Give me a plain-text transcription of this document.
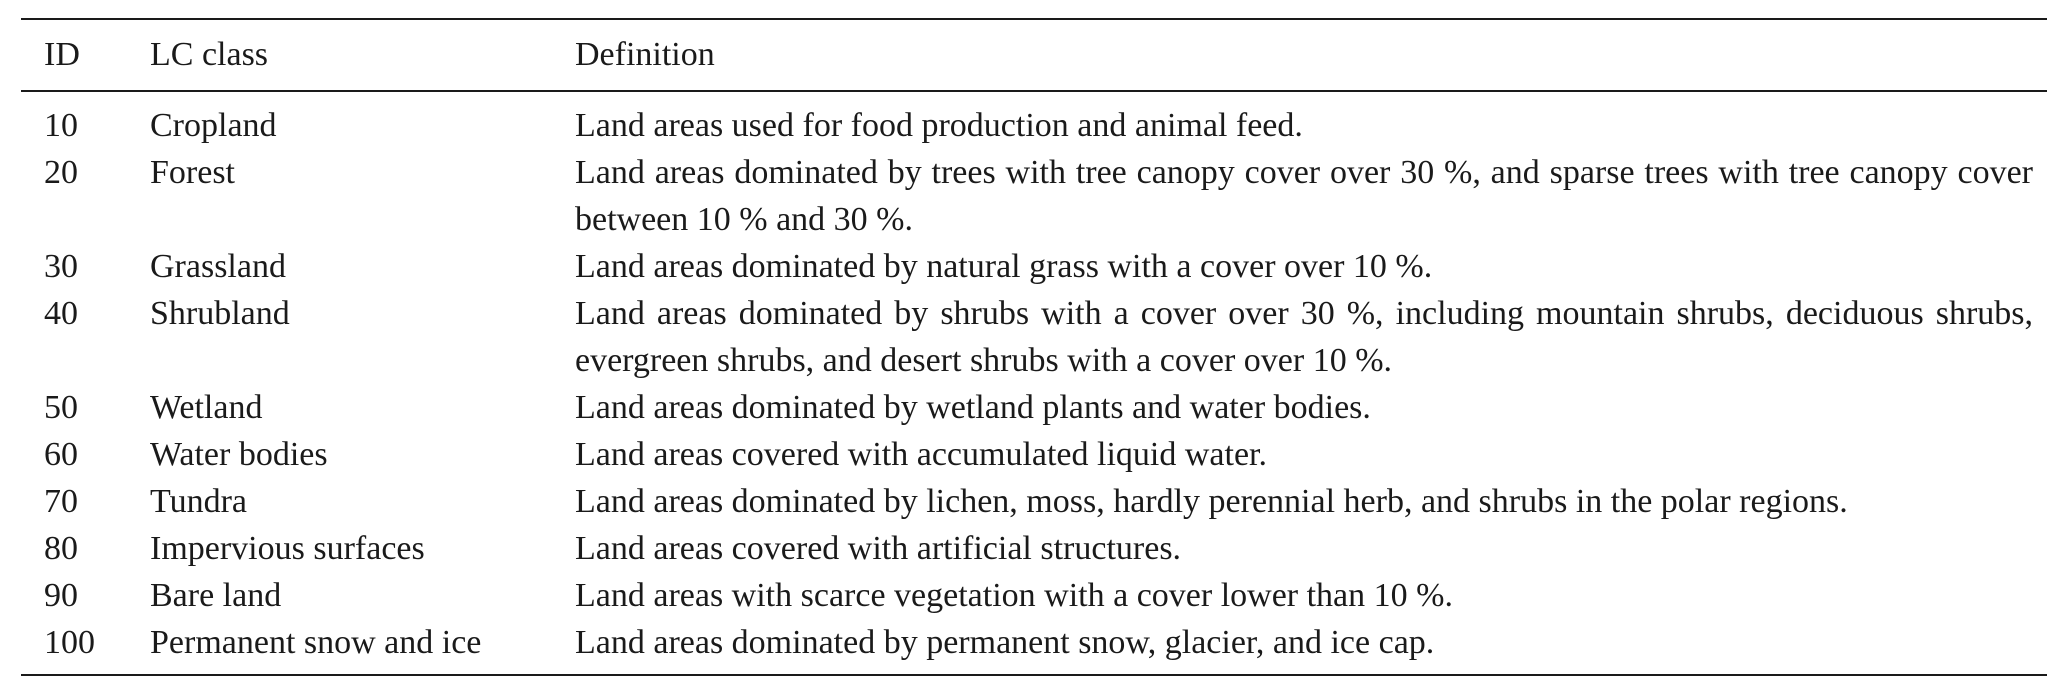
ID	LC class	Definition
10	Cropland	Land areas used for food production and animal feed.

20	Forest	Land areas dominated by trees with tree canopy cover over 30 %, and sparse trees with tree canopy cover between 10 % and 30 %.

30	Grassland	Land areas dominated by natural grass with a cover over 10 %.

40	Shrubland	Land areas dominated by shrubs with a cover over 30 %, including mountain shrubs, deciduous shrubs, evergreen shrubs, and desert shrubs with a cover over 10 %.

50	Wetland	Land areas dominated by wetland plants and water bodies.

60	Water bodies	Land areas covered with accumulated liquid water.

70	Tundra	Land areas dominated by lichen, moss, hardly perennial herb, and shrubs in the polar regions.

80	Impervious surfaces	Land areas covered with artificial structures.

90	Bare land	Land areas with scarce vegetation with a cover lower than 10 %.

100	Permanent snow and ice	Land areas dominated by permanent snow, glacier, and ice cap.
